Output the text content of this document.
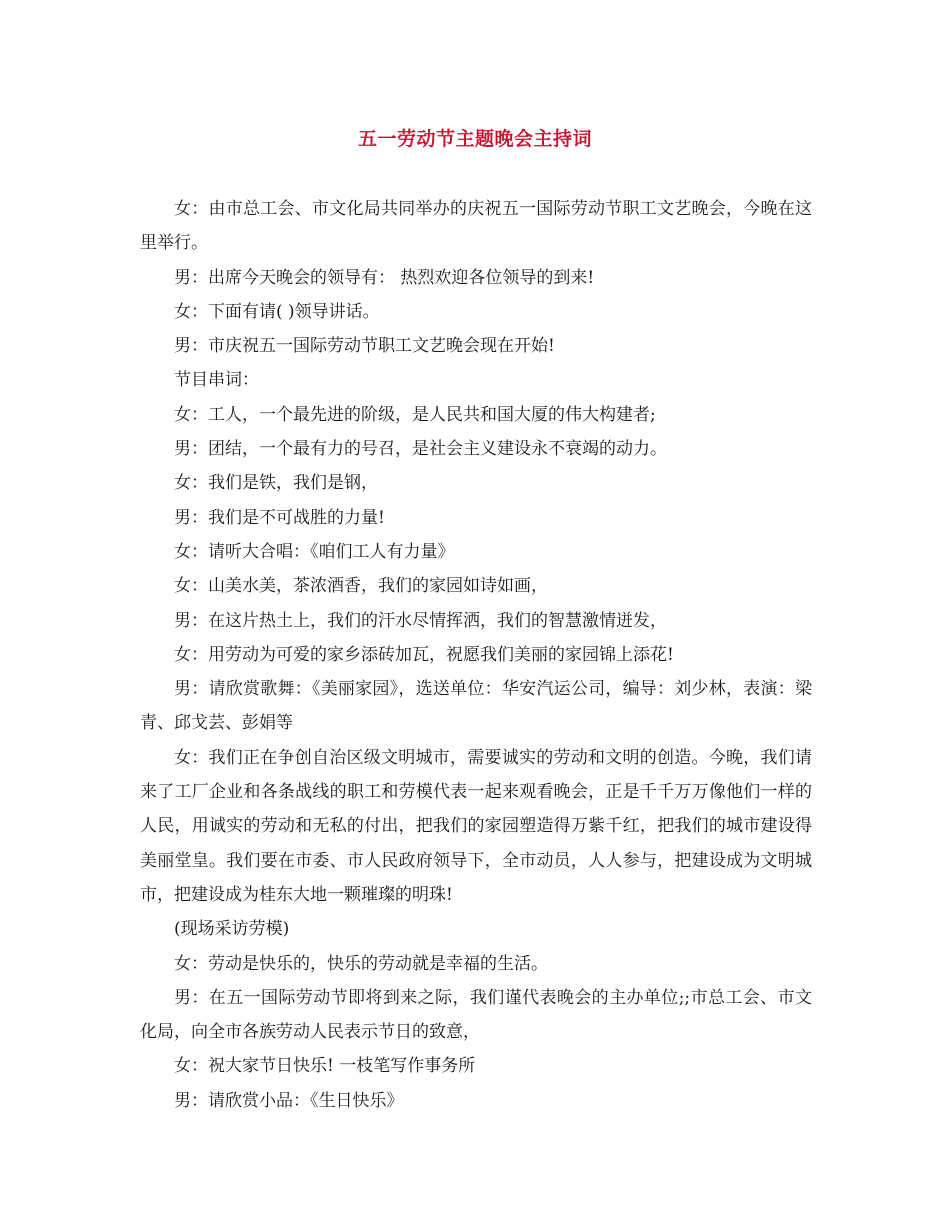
五一劳动节主题晚会主持词

女：由市总工会、市文化局共同举办的庆祝五一国际劳动节职工文艺晚会，今晚在这里举行。

男：出席今天晚会的领导有： 热烈欢迎各位领导的到来!

女：下面有请( )领导讲话。

男：市庆祝五一国际劳动节职工文艺晚会现在开始!

节目串词：

女：工人，一个最先进的阶级，是人民共和国大厦的伟大构建者;

男：团结，一个最有力的号召，是社会主义建设永不衰竭的动力。

女：我们是铁，我们是钢，

男：我们是不可战胜的力量!

女：请听大合唱：《咱们工人有力量》

女：山美水美，茶浓酒香，我们的家园如诗如画，

男：在这片热土上，我们的汗水尽情挥洒，我们的智慧激情迸发，

女：用劳动为可爱的家乡添砖加瓦，祝愿我们美丽的家园锦上添花!

男：请欣赏歌舞：《美丽家园》，选送单位：华安汽运公司，编导：刘少林，表演：梁青、邱戈芸、彭娟等

女：我们正在争创自治区级文明城市，需要诚实的劳动和文明的创造。今晚，我们请来了工厂企业和各条战线的职工和劳模代表一起来观看晚会，正是千千万万像他们一样的人民，用诚实的劳动和无私的付出，把我们的家园塑造得万紫千红，把我们的城市建设得美丽堂皇。我们要在市委、市人民政府领导下，全市动员，人人参与，把建设成为文明城市，把建设成为桂东大地一颗璀璨的明珠!

(现场采访劳模)

女：劳动是快乐的，快乐的劳动就是幸福的生活。

男：在五一国际劳动节即将到来之际，我们谨代表晚会的主办单位;;市总工会、市文化局，向全市各族劳动人民表示节日的致意，

女：祝大家节日快乐! 一枝笔写作事务所

男：请欣赏小品：《生日快乐》
